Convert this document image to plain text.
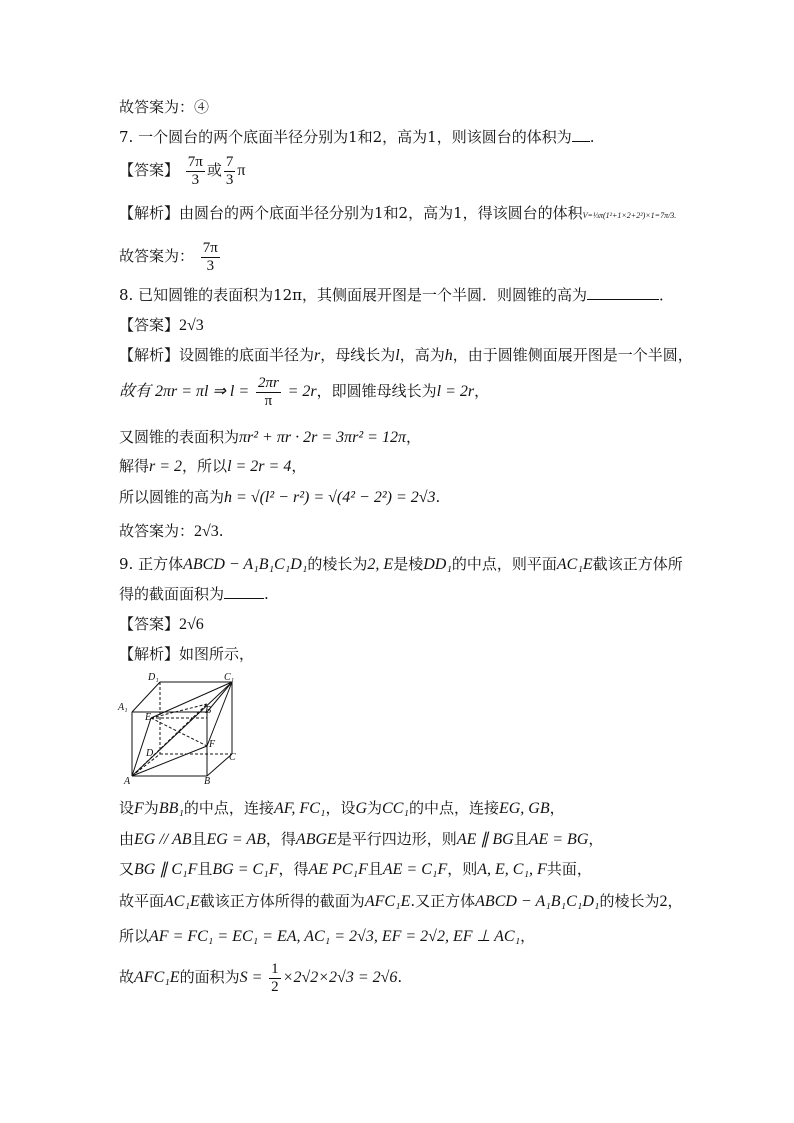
故答案为：④
7. 一个圆台的两个底面半径分别为1和2，高为1，则该圆台的体积为 .
【答案】 $\frac{7\pi}{3}$ 或 $\frac{7}{3}$ π
【解析】由圆台的两个底面半径分别为1和2，高为1，得该圆台的体积V=⅓π(1²+1×2+2²)×1=7π/3.
故答案为： $\frac{7\pi}{3}$
8. 已知圆锥的表面积为12π，其侧面展开图是一个半圆．则圆锥的高为	．
【答案】2√3
【解析】设圆锥的底面半径为r，母线长为l，高为h，由于圆锥侧面展开图是一个半圆，
故有 2πr = πl ⇒ $l = \frac{2\pi r}{\pi} = 2r$，即圆锥母线长为l = 2r，
又圆锥的表面积为πr² + πr · 2r = 3πr² = 12π，
解得r = 2，所以l = 2r = 4，
所以圆锥的高为h = √(l² − r²) = √(4² − 2²) = 2√3.
故答案为：2√3.
9. 正方体ABCD − A₁B₁C₁D₁的棱长为2, E是棱DD₁的中点，则平面AC₁E截该正方体所
得的截面面积为	.
【答案】2√6
【解析】如图所示，
D₁	C₁
A₁
E
B
D
F
C
A	B
设F为BB₁的中点，连接AF, FC₁，设G为CC₁的中点，连接EG, GB，
由EG // AB且EG = AB，得ABGE是平行四边形，则AE ∥ BG且AE = BG，
又BG ∥ C₁F且BG = C₁F，得AE PC₁F且AE = C₁F，则A, E, C₁, F共面，
故平面AC₁E截该正方体所得的截面为AFC₁E.又正方体ABCD − A₁B₁C₁D₁的棱长为2，
所以AF = FC₁ = EC₁ = EA, AC₁ = 2√3, EF = 2√2, EF ⊥ AC₁，
故AFC₁E的面积为$S = \frac{1}{2} \times 2√2\times 2√3 = 2√6$.
